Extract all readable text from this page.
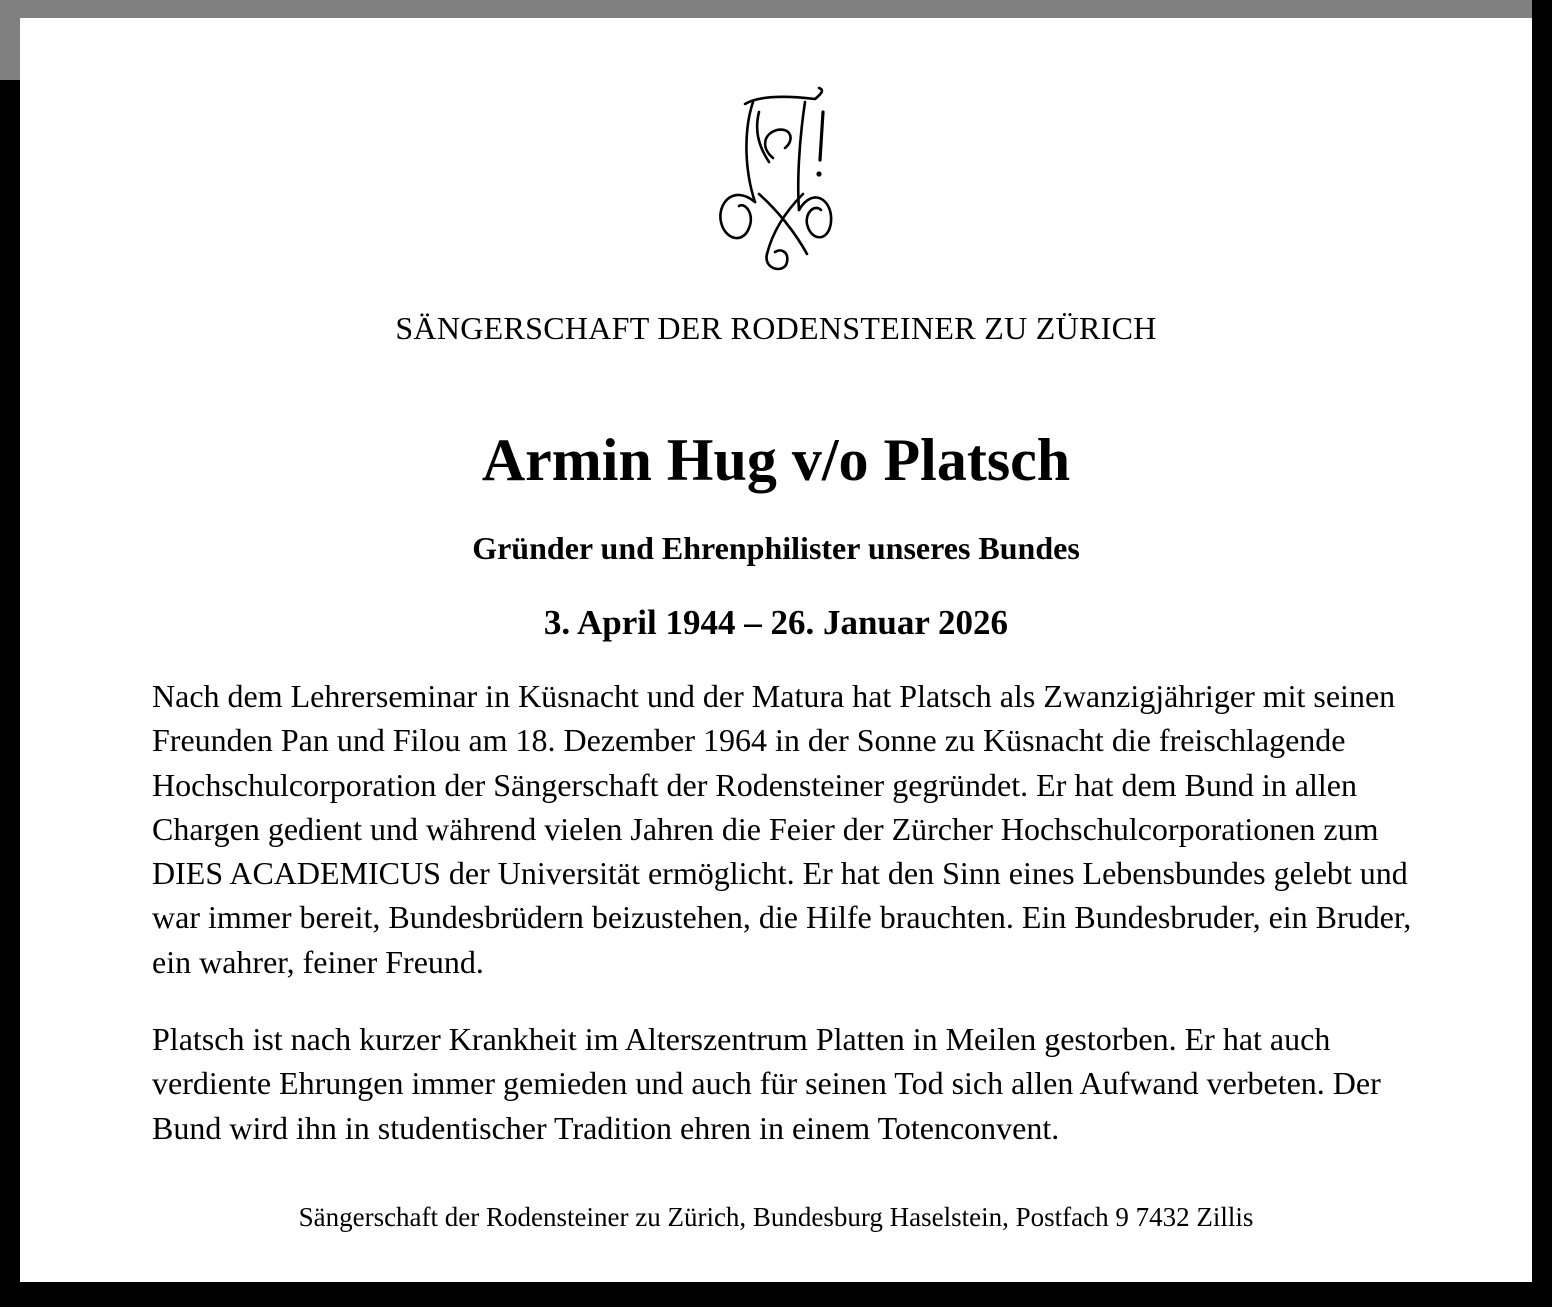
SÄNGERSCHAFT DER RODENSTEINER ZU ZÜRICH
Armin Hug v/o Platsch
Gründer und Ehrenphilister unseres Bundes
3. April 1944 – 26. Januar 2026

Nach dem Lehrerseminar in Küsnacht und der Matura hat Platsch als Zwanzigjähriger mit seinen Freunden Pan und Filou am 18. Dezember 1964 in der Sonne zu Küsnacht die freischlagende Hochschulcorporation der Sängerschaft der Rodensteiner gegründet. Er hat dem Bund in allen Chargen gedient und während vielen Jahren die Feier der Zürcher Hochschulcorporationen zum DIES ACADEMICUS der Universität ermöglicht. Er hat den Sinn eines Lebensbundes gelebt und war immer bereit, Bundesbrüdern beizustehen, die Hilfe brauchten. Ein Bundesbruder, ein Bruder, ein wahrer, feiner Freund.

Platsch ist nach kurzer Krankheit im Alterszentrum Platten in Meilen gestorben. Er hat auch verdiente Ehrungen immer gemieden und auch für seinen Tod sich allen Aufwand verbeten. Der Bund wird ihn in studentischer Tradition ehren in einem Totenconvent.

Sängerschaft der Rodensteiner zu Zürich, Bundesburg Haselstein, Postfach 9 7432 Zillis
